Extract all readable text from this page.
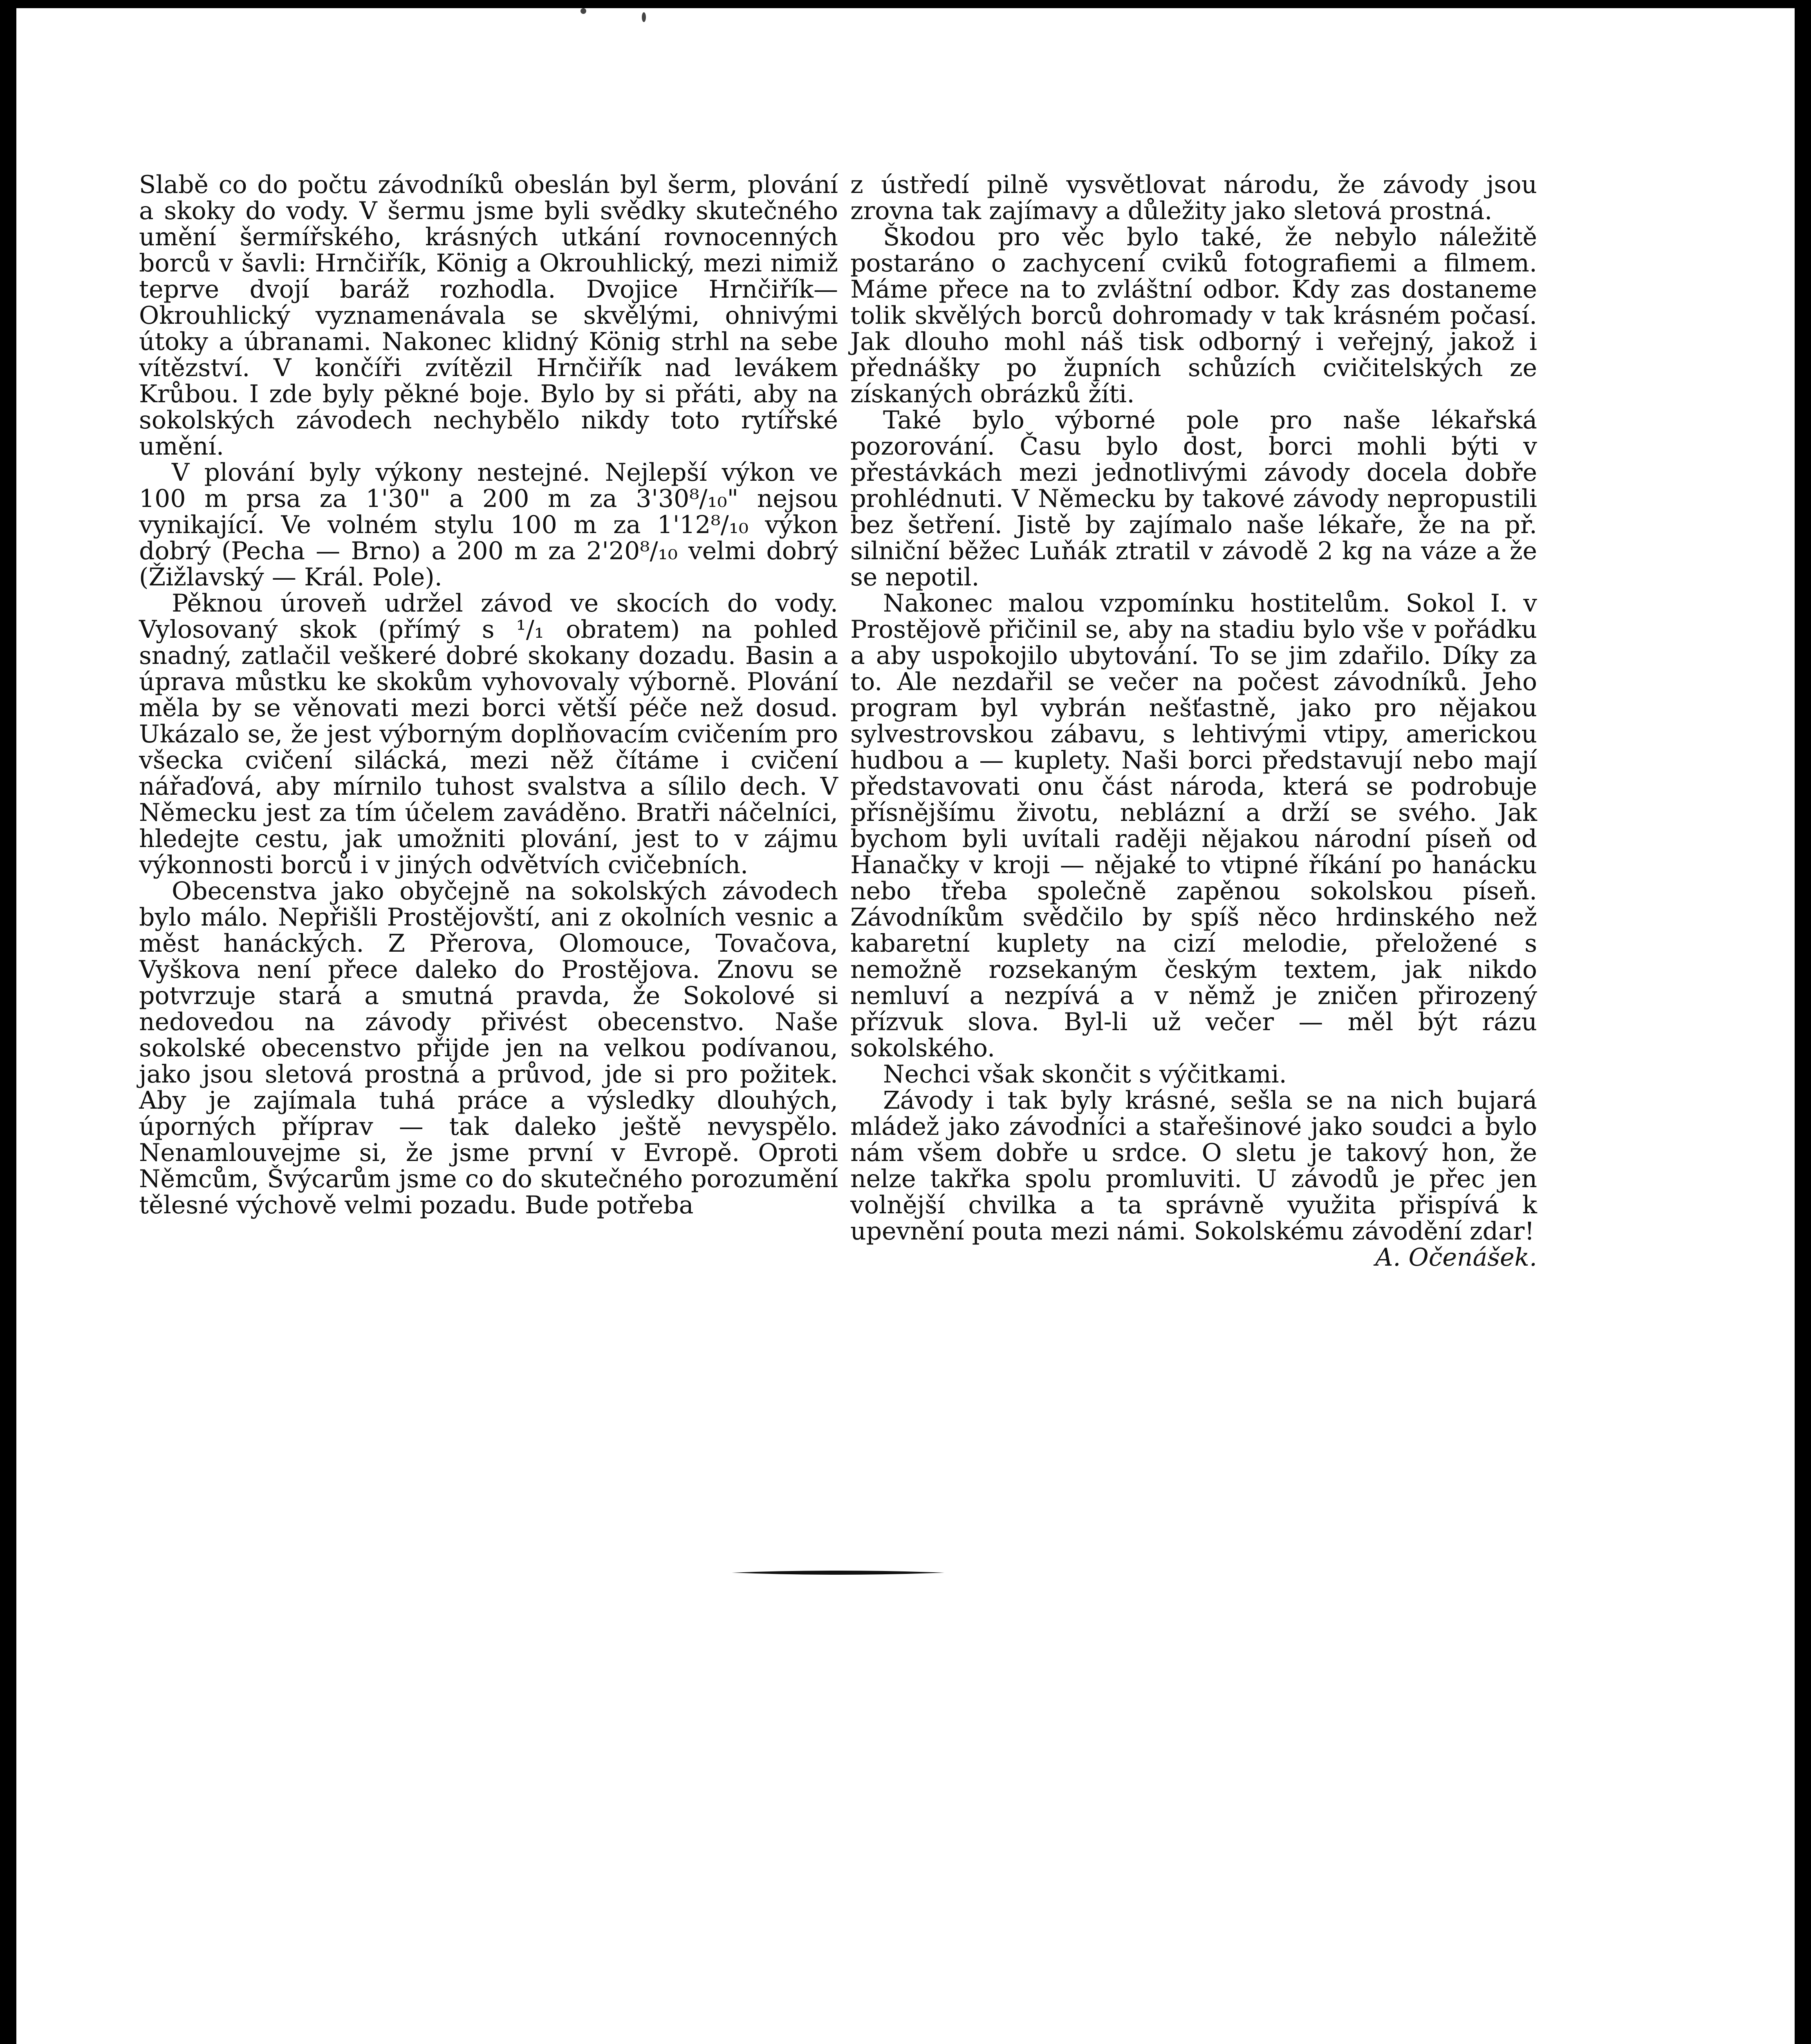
Slabě co do počtu závodníků obeslán byl šerm, plování a skoky do vody. V šermu jsme byli svědky skutečného umění šermířského, krásných utkání rovnocenných borců v šavli: Hrnčiřík, König a Okrouhlický, mezi nimiž teprve dvojí baráž rozhodla. Dvojice Hrnčiřík—Okrouhlický vyznamenávala se skvělými, ohnivými útoky a úbranami. Nakonec klidný König strhl na sebe vítězství. V končíři zvítězil Hrnčiřík nad levákem Krůbou. I zde byly pěkné boje. Bylo by si přáti, aby na sokolských závodech nechybělo nikdy toto rytířské umění.

V plování byly výkony nestejné. Nejlepší výkon ve 100 m prsa za 1'30" a 200 m za 3'30⁸/₁₀" nejsou vynikající. Ve volném stylu 100 m za 1'12⁸/₁₀ výkon dobrý (Pecha — Brno) a 200 m za 2'20⁸/₁₀ velmi dobrý (Žižlavský — Král. Pole).

Pěknou úroveň udržel závod ve skocích do vody. Vylosovaný skok (přímý s ¹/₁ obratem) na pohled snadný, zatlačil veškeré dobré skokany dozadu. Basin a úprava můstku ke skokům vyhovovaly výborně. Plování měla by se věnovati mezi borci větší péče než dosud. Ukázalo se, že jest výborným doplňovacím cvičením pro všecka cvičení silácká, mezi něž čítáme i cvičení nářaďová, aby mírnilo tuhost svalstva a sílilo dech. V Německu jest za tím účelem zaváděno. Bratři náčelníci, hledejte cestu, jak umožniti plování, jest to v zájmu výkonnosti borců i v jiných odvětvích cvičebních.

Obecenstva jako obyčejně na sokolských závodech bylo málo. Nepřišli Prostějovští, ani z okolních vesnic a měst hanáckých. Z Přerova, Olomouce, Tovačova, Vyškova není přece daleko do Prostějova. Znovu se potvrzuje stará a smutná pravda, že Sokolové si nedovedou na závody přivést obecenstvo. Naše sokolské obecenstvo přijde jen na velkou podívanou, jako jsou sletová prostná a průvod, jde si pro požitek. Aby je zajímala tuhá práce a výsledky dlouhých, úporných příprav — tak daleko ještě nevyspělo. Nenamlouvejme si, že jsme první v Evropě. Oproti Němcům, Švýcarům jsme co do skutečného porozumění tělesné výchově velmi pozadu. Bude potřeba

z ústředí pilně vysvětlovat národu, že závody jsou zrovna tak zajímavy a důležity jako sletová prostná.

Škodou pro věc bylo také, že nebylo náležitě postaráno o zachycení cviků fotografiemi a filmem. Máme přece na to zvláštní odbor. Kdy zas dostaneme tolik skvělých borců dohromady v tak krásném počasí. Jak dlouho mohl náš tisk odborný i veřejný, jakož i přednášky po župních schůzích cvičitelských ze získaných obrázků žíti.

Také bylo výborné pole pro naše lékařská pozorování. Času bylo dost, borci mohli býti v přestávkách mezi jednotlivými závody docela dobře prohlédnuti. V Německu by takové závody nepropustili bez šetření. Jistě by zajímalo naše lékaře, že na př. silniční běžec Luňák ztratil v závodě 2 kg na váze a že se nepotil.

Nakonec malou vzpomínku hostitelům. Sokol I. v Prostějově přičinil se, aby na stadiu bylo vše v pořádku a aby uspokojilo ubytování. To se jim zdařilo. Díky za to. Ale nezdařil se večer na počest závodníků. Jeho program byl vybrán nešťastně, jako pro nějakou sylvestrovskou zábavu, s lehtivými vtipy, americkou hudbou a — kuplety. Naši borci představují nebo mají představovati onu část národa, která se podrobuje přísnějšímu životu, neblázní a drží se svého. Jak bychom byli uvítali raději nějakou národní píseň od Hanačky v kroji — nějaké to vtipné říkání po hanácku nebo třeba společně zapěnou sokolskou píseň. Závodníkům svědčilo by spíš něco hrdinského než kabaretní kuplety na cizí melodie, přeložené s nemožně rozsekaným českým textem, jak nikdo nemluví a nezpívá a v němž je zničen přirozený přízvuk slova. Byl-li už večer — měl být rázu sokolského.

Nechci však skončit s výčitkami.

Závody i tak byly krásné, sešla se na nich bujará mládež jako závodníci a stařešinové jako soudci a bylo nám všem dobře u srdce. O sletu je takový hon, že nelze takřka spolu promluviti. U závodů je přec jen volnější chvilka a ta správně využita přispívá k upevnění pouta mezi námi. Sokolskému závodění zdar!

A. Očenášek.
